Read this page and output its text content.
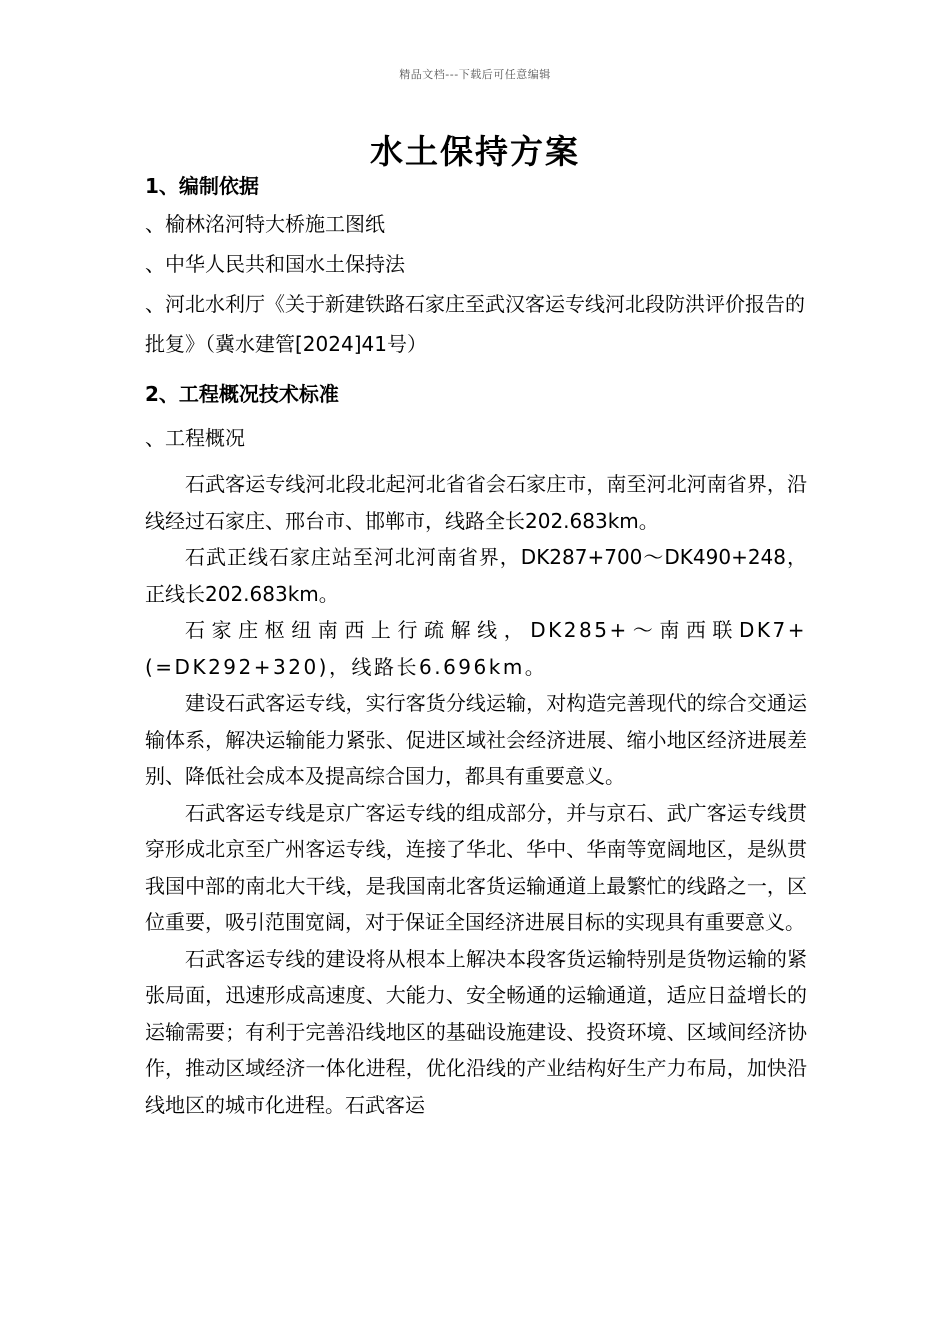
精品文档---下载后可任意编辑
水土保持方案

1、编制依据

、榆林洺河特大桥施工图纸

、中华人民共和国水土保持法

、河北水利厅《关于新建铁路石家庄至武汉客运专线河北段防洪评价报告的批复》（冀水建管[2024]41号）

2、工程概况技术标准

、工程概况

石武客运专线河北段北起河北省省会石家庄市，南至河北河南省界，沿线经过石家庄、邢台市、邯郸市，线路全长202.683km。

石武正线石家庄站至河北河南省界，DK287+700～DK490+248，正线长202.683km。

石家庄枢纽南西上行疏解线，DK285+～南西联DK7+(=DK292+320)，线路长6.696km。

建设石武客运专线，实行客货分线运输，对构造完善现代的综合交通运输体系，解决运输能力紧张、促进区域社会经济进展、缩小地区经济进展差别、降低社会成本及提高综合国力，都具有重要意义。

石武客运专线是京广客运专线的组成部分，并与京石、武广客运专线贯穿形成北京至广州客运专线，连接了华北、华中、华南等宽阔地区，是纵贯我国中部的南北大干线，是我国南北客货运输通道上最繁忙的线路之一，区位重要，吸引范围宽阔，对于保证全国经济进展目标的实现具有重要意义。

石武客运专线的建设将从根本上解决本段客货运输特别是货物运输的紧张局面，迅速形成高速度、大能力、安全畅通的运输通道，适应日益增长的运输需要；有利于完善沿线地区的基础设施建设、投资环境、区域间经济协作，推动区域经济一体化进程，优化沿线的产业结构好生产力布局，加快沿线地区的城市化进程。石武客运
